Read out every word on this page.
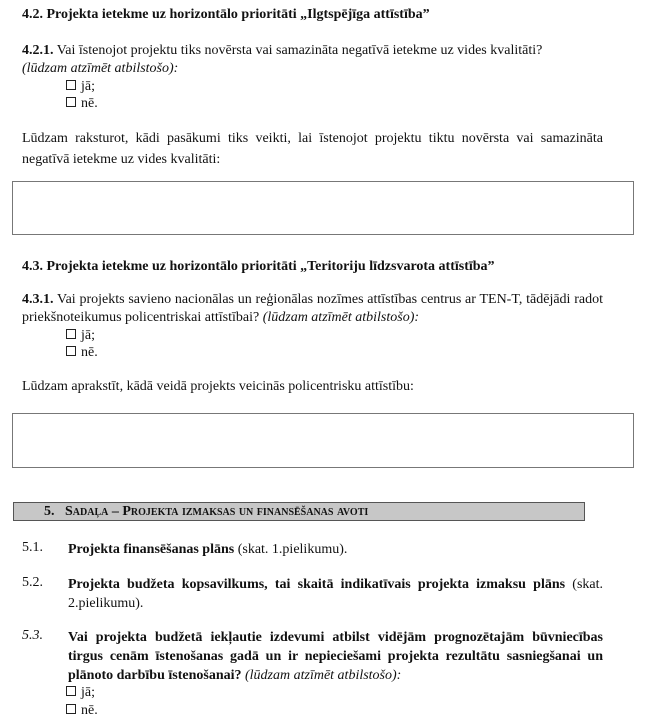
4.2. Projekta ietekme uz horizontālo prioritāti „Ilgtspējīga attīstība”
4.2.1. Vai īstenojot projektu tiks novērsta vai samazināta negatīvā ietekme uz vides kvalitāti?
(lūdzam atzīmēt atbilstošo):
jā;
nē.
Lūdzam raksturot, kādi pasākumi tiks veikti, lai īstenojot projektu tiktu novērsta vai samazināta negatīvā ietekme uz vides kvalitāti:
4.3. Projekta ietekme uz horizontālo prioritāti „Teritoriju līdzsvarota attīstība”
4.3.1. Vai projekts savieno nacionālas un reģionālas nozīmes attīstības centrus ar TEN-T, tādējādi radot priekšnoteikumus policentriskai attīstībai? (lūdzam atzīmēt atbilstošo):
jā;
nē.
Lūdzam aprakstīt, kādā veidā projekts veicinās policentrisku attīstību:
5. Sadaļa – Projekta izmaksas un finansēšanas avoti
5.1. Projekta finansēšanas plāns (skat. 1.pielikumu).
5.2. Projekta budžeta kopsavilkums, tai skaitā indikatīvais projekta izmaksu plāns (skat. 2.pielikumu).
5.3. Vai projekta budžetā iekļautie izdevumi atbilst vidējām prognozētajām būvniecības tirgus cenām īstenošanas gadā un ir nepieciešami projekta rezultātu sasniegšanai un plānoto darbību īstenošanai? (lūdzam atzīmēt atbilstošo):
jā;
nē.
